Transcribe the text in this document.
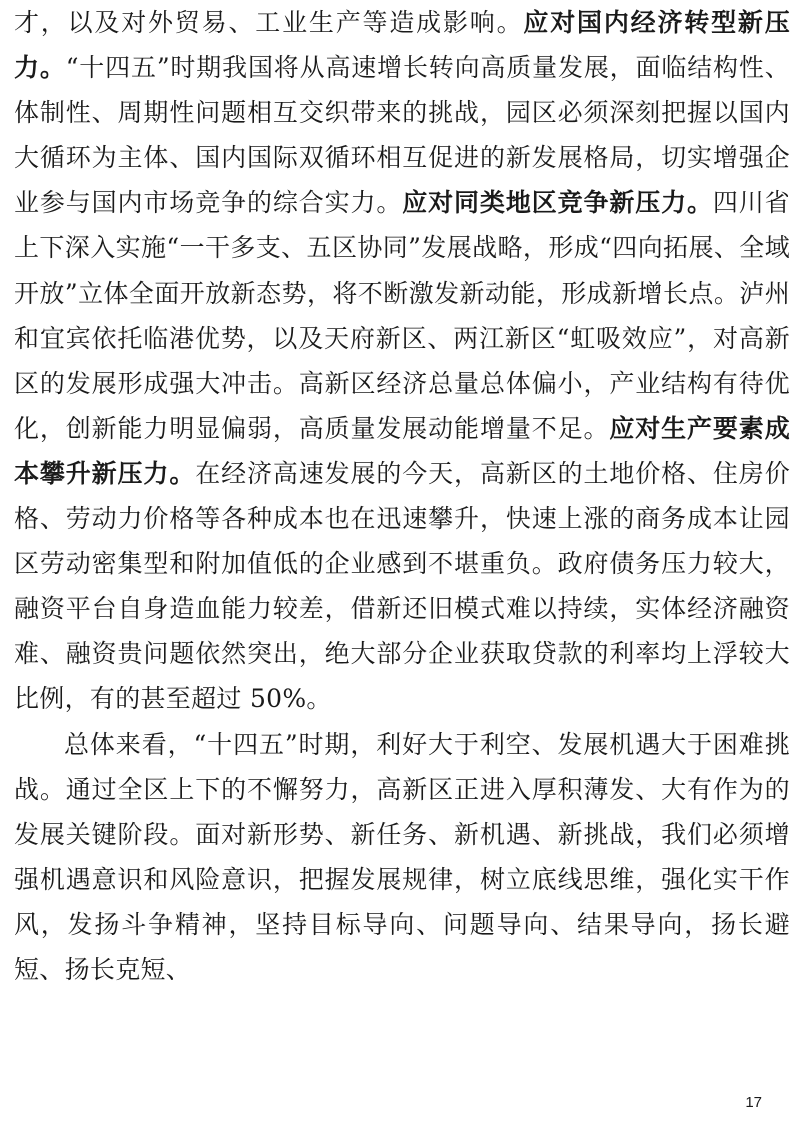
才，以及对外贸易、工业生产等造成影响。应对国内经济转型新压力。“十四五”时期我国将从高速增长转向高质量发展，面临结构性、体制性、周期性问题相互交织带来的挑战，园区必须深刻把握以国内大循环为主体、国内国际双循环相互促进的新发展格局，切实增强企业参与国内市场竞争的综合实力。应对同类地区竞争新压力。四川省上下深入实施“一干多支、五区协同”发展战略，形成“四向拓展、全域开放”立体全面开放新态势，将不断激发新动能，形成新增长点。泸州和宜宾依托临港优势，以及天府新区、两江新区“虹吸效应”，对高新区的发展形成强大冲击。高新区经济总量总体偏小，产业结构有待优化，创新能力明显偏弱，高质量发展动能增量不足。应对生产要素成本攀升新压力。在经济高速发展的今天，高新区的土地价格、住房价格、劳动力价格等各种成本也在迅速攀升，快速上涨的商务成本让园区劳动密集型和附加值低的企业感到不堪重负。政府债务压力较大，融资平台自身造血能力较差，借新还旧模式难以持续，实体经济融资难、融资贵问题依然突出，绝大部分企业获取贷款的利率均上浮较大比例，有的甚至超过 50%。

总体来看，“十四五”时期，利好大于利空、发展机遇大于困难挑战。通过全区上下的不懈努力，高新区正进入厚积薄发、大有作为的发展关键阶段。面对新形势、新任务、新机遇、新挑战，我们必须增强机遇意识和风险意识，把握发展规律，树立底线思维，强化实干作风，发扬斗争精神，坚持目标导向、问题导向、结果导向，扬长避短、扬长克短、

17
